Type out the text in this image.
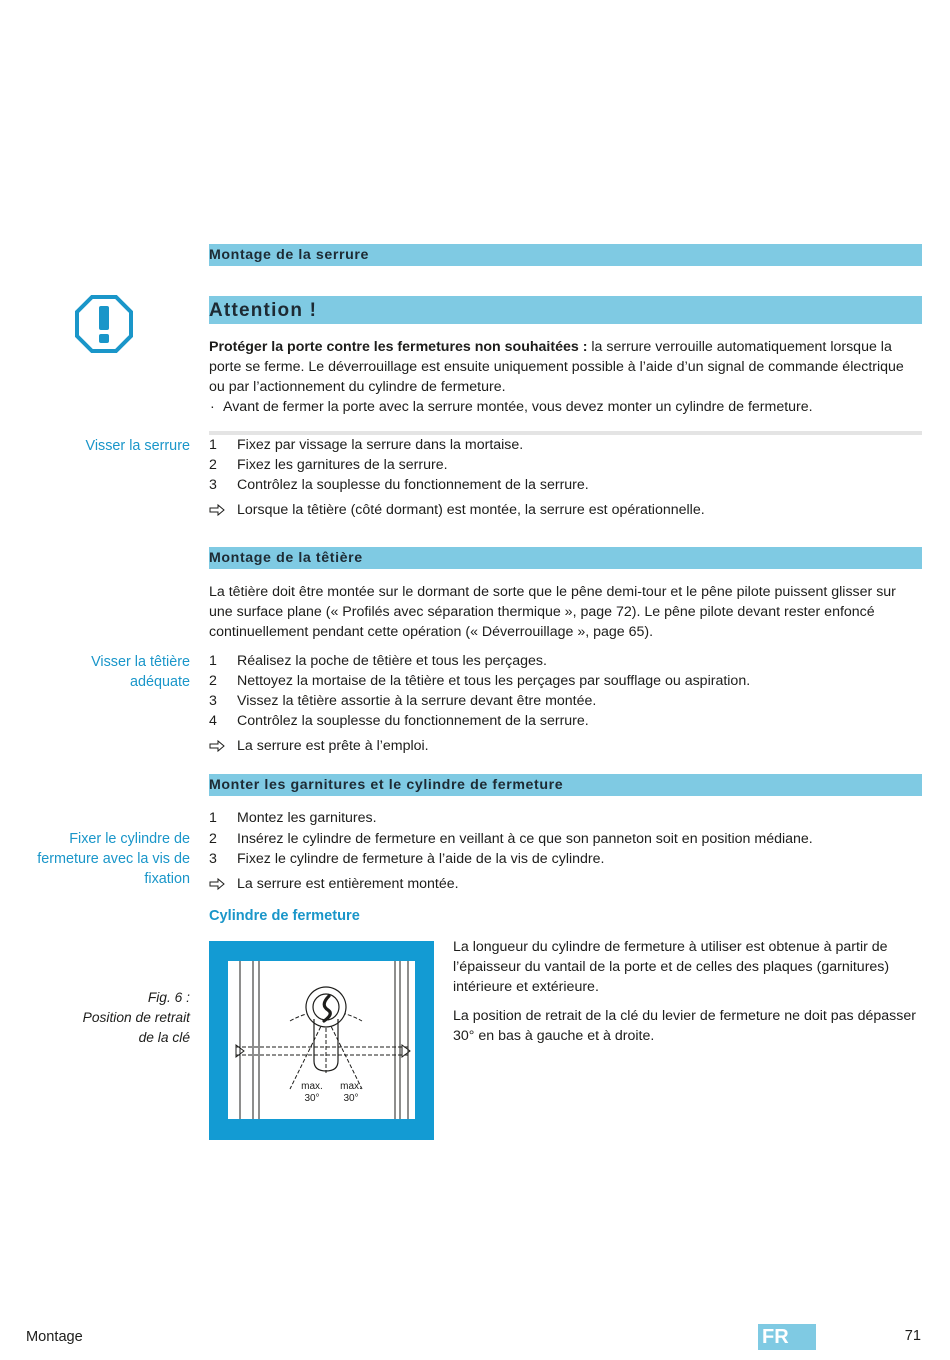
Montage de la serrure
Attention !
Protéger la porte contre les fermetures non souhaitées : la serrure verrouille automatiquement lorsque la porte se ferme. Le déverrouillage est ensuite uniquement possible à l’aide d’un signal de commande électrique ou par l’actionnement du cylindre de fermeture.
· Avant de fermer la porte avec la serrure montée, vous devez monter un cylindre de fermeture.
Visser la serrure 1	Fixez par vissage la serrure dans la mortaise.
2	Fixez les garnitures de la serrure.
3	Contrôlez la souplesse du fonctionnement de la serrure.
Lorsque la têtière (côté dormant) est montée, la serrure est opérationnelle.
Montage de la têtière
La têtière doit être montée sur le dormant de sorte que le pêne demi-tour et le pêne pilote puissent glisser sur une surface plane (« Profilés avec séparation thermique », page 72). Le pêne pilote devant rester enfoncé continuellement pendant cette opération (« Déverrouillage », page 65).
Visser la têtière
adéquate
1	Réalisez la poche de têtière et tous les perçages.
2	Nettoyez la mortaise de la têtière et tous les perçages par soufflage ou aspiration.
3	Vissez la têtière assortie à la serrure devant être montée.
4	Contrôlez la souplesse du fonctionnement de la serrure.
La serrure est prête à l’emploi.
Monter les garnitures et le cylindre de fermeture
Fixer le cylindre de
fermeture avec la vis de
fixation
1	Montez les garnitures.
2	Insérez le cylindre de fermeture en veillant à ce que son panneton soit en position médiane.
3	Fixez le cylindre de fermeture à l’aide de la vis de cylindre.
La serrure est entièrement montée.
Cylindre de fermeture
Fig. 6 :
Position de retrait
de la clé
max.
30°
max.
30°
La longueur du cylindre de fermeture à utiliser est obtenue à partir de l’épaisseur du vantail de la porte et de celles des plaques (garnitures) intérieure et extérieure.
La position de retrait de la clé du levier de fermeture ne doit pas dépasser 30° en bas à gauche et à droite.
Montage	FR	71
